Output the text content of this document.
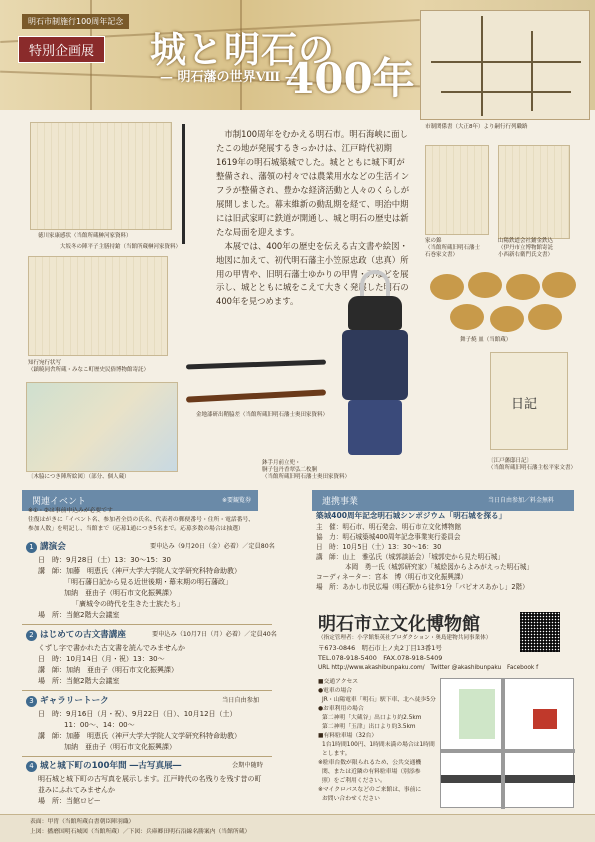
明石市制施行100周年記念
特別企画展	城と明石の
400年
— 明石藩の世界Ⅷ —
市制関係書（大正8年）より嗣行行列職路
徳川家康感状（当館所蔵榊河家資料）
大坂冬の陣平子主膳持鎗（当館所蔵榊河家資料）
知行宛行状写
（鎮暁同舎所蔵・みなこ町歴史民俗博物館寄託）
〔木脇につき陣所絵図〕（部分、個人蔵）

市制100周年をむかえる明石市。明石海峡に面したこの地が発展するきっかけは、江戸時代初期1619年の明石城築城でした。城とともに城下町が整備され、藩領の村々では農業用水などの生活インフラが整備され、豊かな経済活動と人々のくらしが展開しました。幕末維新の動乱期を経て、明治中期には旧武家町に鉄道が開通し、城と明石の歴史は新たな局面を迎えます。

本展では、400年の歴史を伝える古文書や絵図・地図に加えて、初代明石藩主小笠原忠政（忠真）所用の甲冑や、旧明石藩士ゆかりの甲冑・刀などを展示し、城とともに城をこえて大きく発展した明石の400年を見つめます。

金地漆研出鞘脇差（当館所蔵旧明石藩士奥田家資料）
鉢手月前立兜・
胴子包丹香翠弘二枚胴
（当館所蔵旧明石藩士奥田家資料）
家の錦
（当館所蔵旧明石藩士
石巻家文書）
山陽鉄道会社鋪金鉄込
（伊丹市立博物館寄託
小西新右衛門氏文書）
舞子焼 皿（当館蔵）
日記
〔江戸藩邸日記〕
（当館所蔵旧明石藩主松平家文書）
関連イベント	※要観覧券
※①・②は事前申込みが必要です
往復はがきに「イベント名、参加者全員の氏名、代表者の郵便番号・住所・電話番号、
参加人数」を明記し、当館まで（応募1通につき5名まで。応募多数の場合は抽選）
1 講演会	要申込み（9月20日（金）必着）／定員80名
日　時：9月28日（土）13：30～15：30
講　師：加藤　明恵氏（神戸大学大学院人文学研究科特命助教）
「明石藩日記から見る近世後期・幕末期の明石藩政」
加納　亜由子（明石市文化振興課）
「廣城令の時代を生きた士族たち」
場　所：当館2階大会議室
2 はじめての古文書講座	要申込み（10月7日（月）必着）／定員40名
くずし字で書かれた古文書を読んでみませんか
日　時：10月14日（月・祝）13：30～
講　師：加納　亜由子（明石市文化振興課）
場　所：当館2階大会議室
3 ギャラリートーク	当日自由参加
日　時：9月16日（月・祝）、9月22日（日）、10月12日（土）
11：00～、14：00～
講　師：加藤　明恵氏（神戸大学大学院人文学研究科特命助教）
加納　亜由子（明石市文化振興課）
4 城と城下町の100年間 ―古写真展―	会期中随時
明石城と城下町の古写真を展示します。江戸時代の名残りを残す昔の町
並みにふれてみませんか
場　所：当館ロビー
連携事業	当日自由参加／料金無料
築城400周年記念明石城シンポジウム「明石城を探る」
主　催：明石市、明石発会、明石市立文化博物館
協　力：明石城築城400周年記念事業実行委員会
日　時：10月5日（土）13：30～16：30
講　師：山上　雅弘氏（城郭談話会）「城郭史から見た明石城」
本岡　勇一氏（城郭研究家）「城絵図からよみがえった明石城」
コーディネーター：宮本　博（明石市文化振興課）
場　所：あかし市民広場（明石駅から徒歩1分「パピオスあかし」2階）
明石市立文化博物館
（指定管理者：小学館集英社プロダクション・奥島建物共同事業体）
〒673-0846　明石市上ノ丸2丁目13番1号
TEL.078-918-5400　FAX.078-918-5409
URL http://www.akashibunpaku.com/　Twitter @akashibunpaku　Facebook f
■交通アクセス
●電車の場合
JR・山陽電車「明石」駅下車、北へ徒歩5分
●お車利用の場合
第二神明「大蔵谷」出口より約2.5km
第二神明「玉津」出口より約3.5km
■有料駐車場（32台）
1台1時間100円、1時間未満の場合は1時間
とします。
※駐車台数が限られるため、公共交通機
関、または近隣の有料駐車場（別添参
照）をご利用ください。
※マイクロバスなどのご来館は、事前に
お問い合わせください
表面：甲冑（当館所蔵白書朝臣陣羽織）
上図：播磨国明石城図（当館所蔵）／下図：兵庫郷田明石沿線名勝案内（当館所蔵）
